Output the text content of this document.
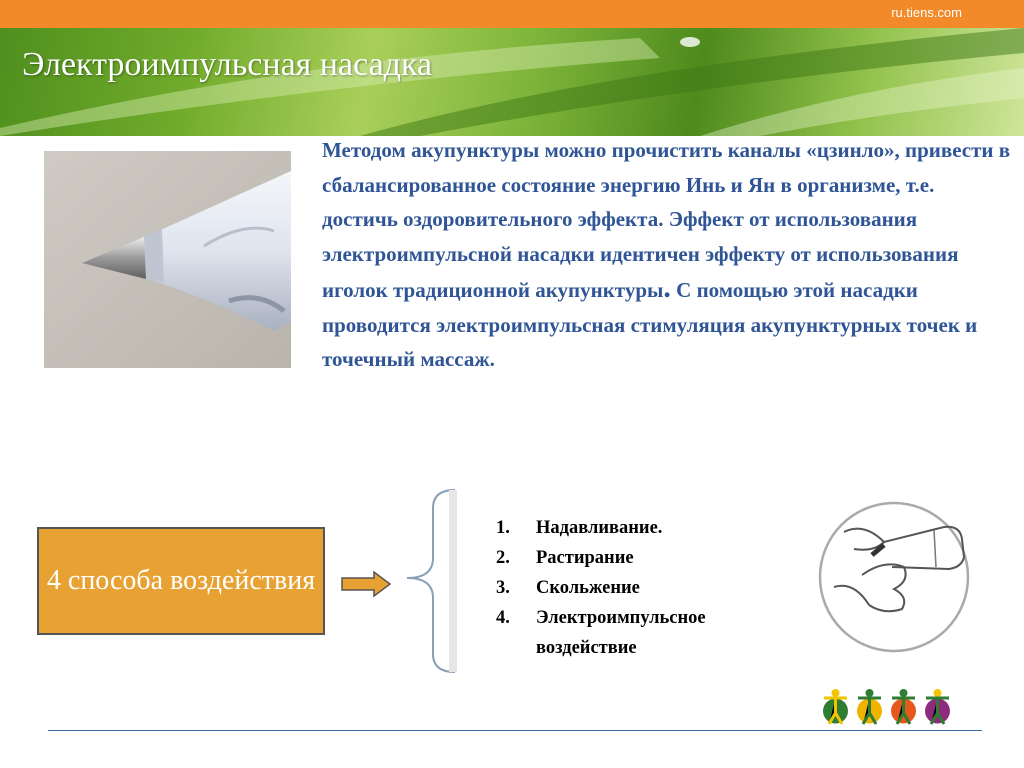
ru.tiens.com
Электроимпульсная насадка

Методом акупунктуры можно прочистить каналы «цзинло», привести в сбалансированное состояние энергию Инь и Ян в организме, т.е. достичь оздоровительного эффекта. Эффект от использования электроимпульсной насадки идентичен эффекту от использования иголок традиционной акупунктуры. С помощью этой насадки проводится электроимпульсная стимуляция акупунктурных точек и точечный массаж.

4 способа воздействия
1.	Надавливание.
2.	Растирание
3.	Скольжение
4.	Электроимпульсное воздействие
